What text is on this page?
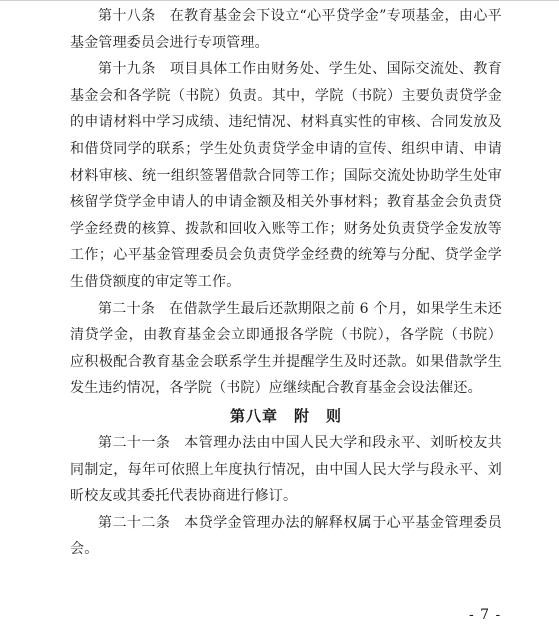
第十八条 在教育基金会下设立“心平贷学金”专项基金，由心平基金管理委员会进行专项管理。

第十九条 项目具体工作由财务处、学生处、国际交流处、教育基金会和各学院（书院）负责。其中，学院（书院）主要负责贷学金的申请材料中学习成绩、违纪情况、材料真实性的审核、合同发放及和借贷同学的联系；学生处负责贷学金申请的宣传、组织申请、申请材料审核、统一组织签署借款合同等工作；国际交流处协助学生处审核留学贷学金申请人的申请金额及相关外事材料；教育基金会负责贷学金经费的核算、拨款和回收入账等工作；财务处负责贷学金发放等工作；心平基金管理委员会负责贷学金经费的统筹与分配、贷学金学生借贷额度的审定等工作。

第二十条 在借款学生最后还款期限之前 6 个月，如果学生未还清贷学金，由教育基金会立即通报各学院（书院），各学院（书院）应积极配合教育基金会联系学生并提醒学生及时还款。如果借款学生发生违约情况，各学院（书院）应继续配合教育基金会设法催还。

第八章 附　则

第二十一条 本管理办法由中国人民大学和段永平、刘昕校友共同制定，每年可依照上年度执行情况，由中国人民大学与段永平、刘昕校友或其委托代表协商进行修订。

第二十二条 本贷学金管理办法的解释权属于心平基金管理委员会。

- 7 -
